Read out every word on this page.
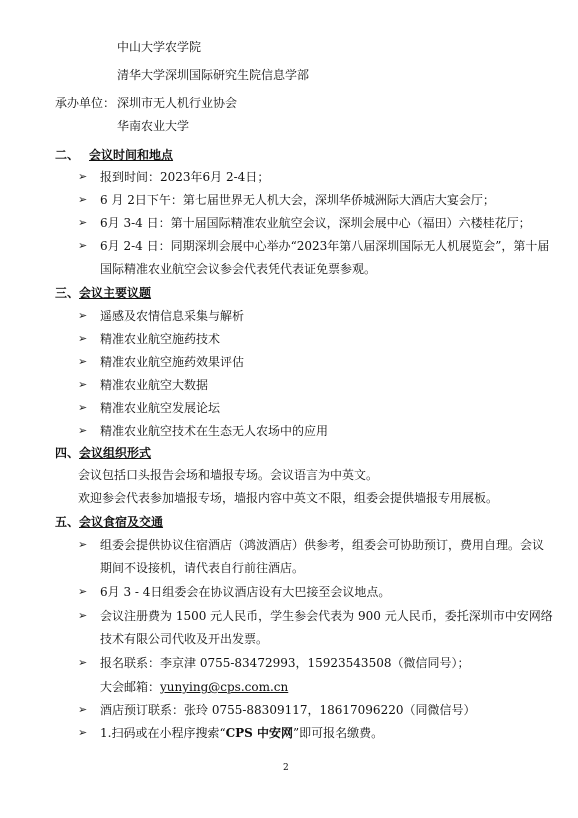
中山大学农学院
清华大学深圳国际研究生院信息学部
承办单位： 深圳市无人机行业协会
华南农业大学
二、 会议时间和地点
➢ 报到时间：2023年6月 2-4日；
➢ 6 月 2日下午：第七届世界无人机大会，深圳华侨城洲际大酒店大宴会厅；
➢ 6月 3-4 日：第十届国际精准农业航空会议，深圳会展中心（福田）六楼桂花厅；
➢ 6月 2-4 日：同期深圳会展中心举办“2023年第八届深圳国际无人机展览会”，第十届
国际精准农业航空会议参会代表凭代表证免票参观。
三、会议主要议题
➢ 遥感及农情信息采集与解析
➢ 精准农业航空施药技术
➢ 精准农业航空施药效果评估
➢ 精准农业航空大数据
➢ 精准农业航空发展论坛
➢ 精准农业航空技术在生态无人农场中的应用
四、会议组织形式
会议包括口头报告会场和墙报专场。会议语言为中英文。
欢迎参会代表参加墙报专场，墙报内容中英文不限，组委会提供墙报专用展板。
五、会议食宿及交通
➢ 组委会提供协议住宿酒店（鸿波酒店）供参考，组委会可协助预订，费用自理。会议
期间不设接机，请代表自行前往酒店。
➢ 6月 3 - 4日组委会在协议酒店设有大巴接至会议地点。
➢ 会议注册费为 1500 元人民币，学生参会代表为 900 元人民币，委托深圳市中安网络
技术有限公司代收及开出发票。
➢ 报名联系：李京津 0755-83472993，15923543508（微信同号）；
大会邮箱：yunying@cps.com.cn
➢ 酒店预订联系：张玲 0755-88309117，18617096220（同微信号）
➢ 1.扫码或在小程序搜索“CPS 中安网”即可报名缴费。
2
